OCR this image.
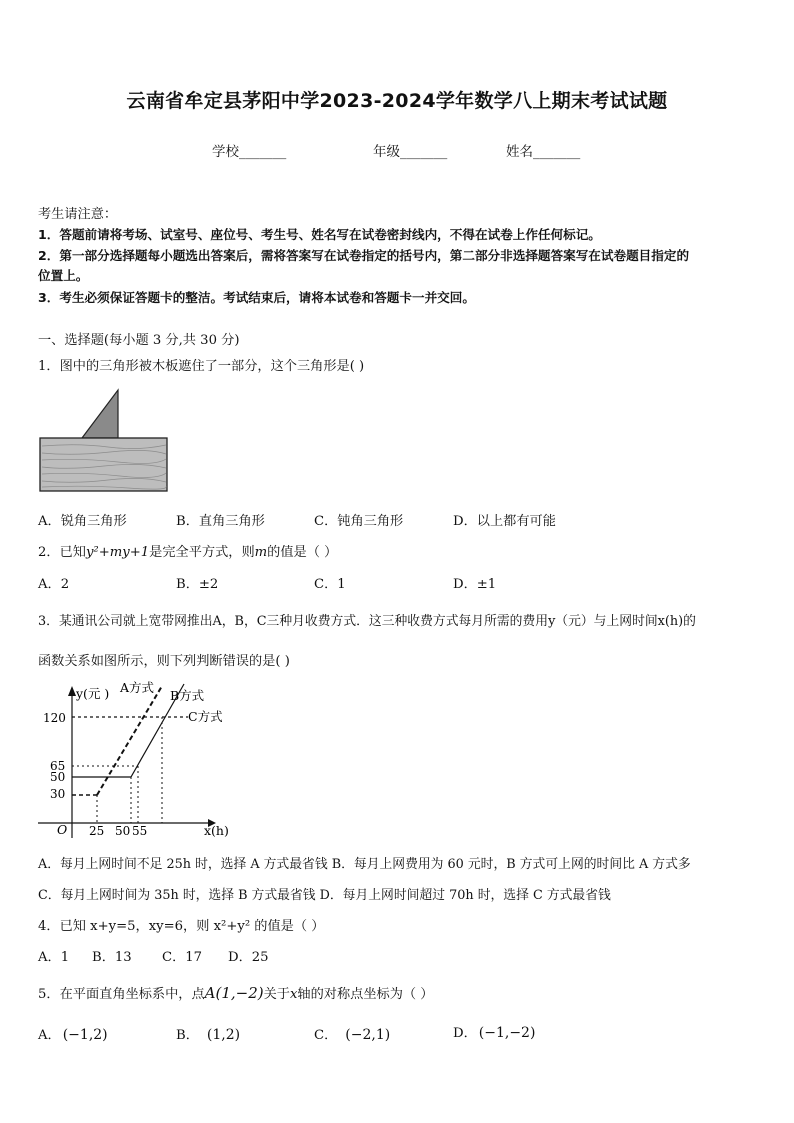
云南省牟定县茅阳中学2023-2024学年数学八上期末考试试题
学校_______	年级_______	姓名_______
考生请注意：
1．答题前请将考场、试室号、座位号、考生号、姓名写在试卷密封线内，不得在试卷上作任何标记。
2．第一部分选择题每小题选出答案后，需将答案写在试卷指定的括号内，第二部分非选择题答案写在试卷题目指定的
位置上。
3．考生必须保证答题卡的整洁。考试结束后，请将本试卷和答题卡一并交回。
一、选择题(每小题 3 分,共 30 分)
1．图中的三角形被木板遮住了一部分，这个三角形是( )
A．锐角三角形	B．直角三角形	C．钝角三角形	D．以上都有可能
2．已知y²+my+1是完全平方式，则m的值是（ ）
A．2	B．±2	C．1	D．±1
3．某通讯公司就上宽带网推出A，B，C三种月收费方式．这三种收费方式每月所需的费用y（元）与上网时间x(h)的
函数关系如图所示，则下列判断错误的是( )
y(元 )
x(h)
O
120
65
50
30
25 50 55
A方式
B方式
C方式
A．每月上网时间不足 25h 时，选择 A 方式最省钱 B．每月上网费用为 60 元时，B 方式可上网的时间比 A 方式多
C．每月上网时间为 35h 时，选择 B 方式最省钱 D．每月上网时间超过 70h 时，选择 C 方式最省钱
4．已知 x+y=5，xy=6，则 x²+y² 的值是（ ）
A．1 B．13 C．17 D．25
5．在平面直角坐标系中，点A(1,−2)关于x轴的对称点坐标为（ ）
A． (−1,2)	B． (1,2)	C． (−2,1)	D． (−1,−2)
